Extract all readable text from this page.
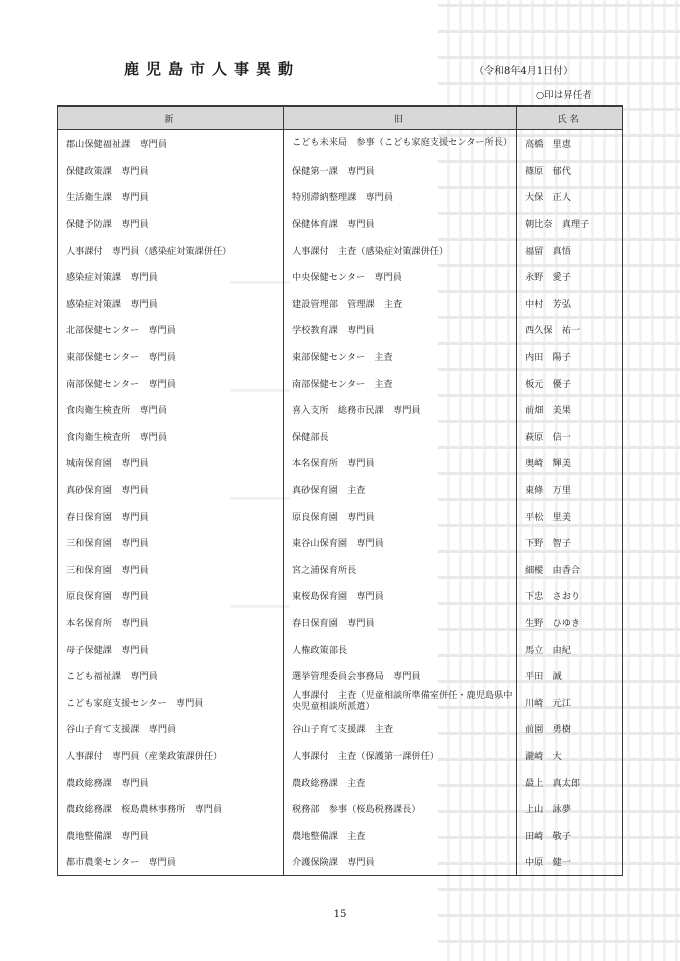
鹿児島市人事異動	（令和8年4月1日付）
○印は昇任者
新	旧	氏名
郡山保健福祉課　専門員	こども未来局　参事（こども家庭支援センター所長）	高橋　里恵
保健政策課　専門員	保健第一課　専門員	篠原　郁代
生活衛生課　専門員	特別滞納整理課　専門員	大保　正人
保健予防課　専門員	保健体育課　専門員	朝比奈　真理子
人事課付　専門員（感染症対策課併任）	人事課付　主査（感染症対策課併任）	福留　真悟
感染症対策課　専門員	中央保健センター　専門員	永野　愛子
感染症対策課　専門員	建設管理部　管理課　主査	中村　芳弘
北部保健センター　専門員	学校教育課　専門員	西久保　祐一
東部保健センター　専門員	東部保健センター　主査	内田　陽子
南部保健センター　専門員	南部保健センター　主査	板元　優子
食肉衛生検査所　専門員	喜入支所　総務市民課　専門員	前畑　美果
食肉衛生検査所　専門員	保健部長	萩原　信一
城南保育園　専門員	本名保育所　専門員	奥崎　輝美
真砂保育園　専門員	真砂保育園　主査	東條　万里
春日保育園　専門員	原良保育園　専門員	平松　里美
三和保育園　専門員	東谷山保育園　専門員	下野　智子
三和保育園　専門員	宮之浦保育所長	細樅　由香合
原良保育園　専門員	東桜島保育園　専門員	下忠　さおり
本名保育所　専門員	春日保育園　専門員	生野　ひゆき
母子保健課　専門員	人権政策部長	馬立　由紀
こども福祉課　専門員	選挙管理委員会事務局　専門員	平田　誠
こども家庭支援センター　専門員	人事課付　主査（児童相談所準備室併任・鹿児島県中央児童相談所派遣）	川崎　元江
谷山子育て支援課　専門員	谷山子育て支援課　主査	前園　勇樹
人事課付　専門員（産業政策課併任）	人事課付　主査（保護第一課併任）	瀧崎　大
農政総務課　専門員	農政総務課　主査	最上　真太郎
農政総務課　桜島農林事務所　専門員	税務部　参事（桜島税務課長）	上山　詠夢
農地整備課　専門員	農地整備課　主査	田崎　敬子
都市農業センター　専門員	介護保険課　専門員	中原　健一
15
